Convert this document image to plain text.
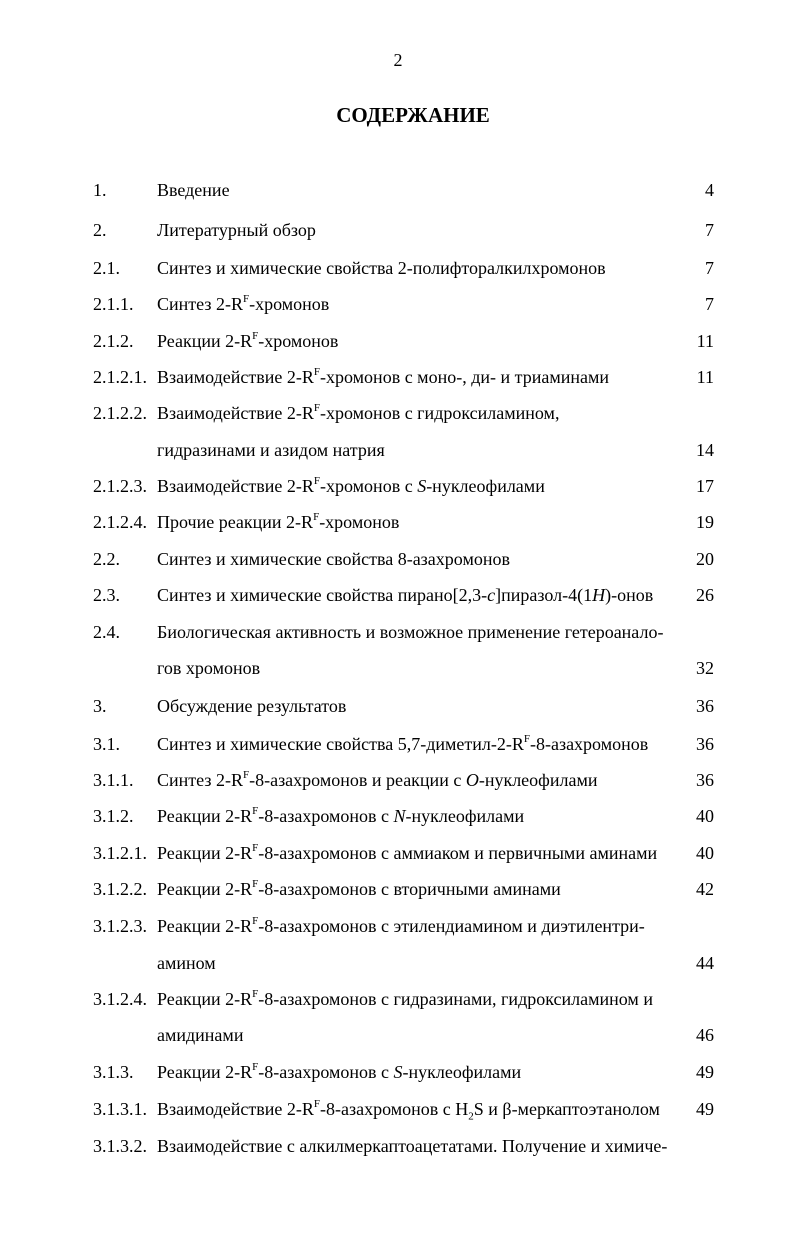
2
СОДЕРЖАНИЕ
1.	Введение	4
2.	Литературный обзор	7
2.1. Синтез и химические свойства 2-полифторалкилхромонов	7
2.1.1. Синтез $2-R^F$-хромонов	7
2.1.2. Реакции $2-R^F$-хромонов	11
2.1.2.1. Взаимодействие $2-R^F$-хромонов с моно-, ди- и триаминами	11
2.1.2.2. Взаимодействие $2-R^F$-хромонов с гидроксиламином,
гидразинами и азидом натрия	14
2.1.2.3. Взаимодействие $2-R^F$-хромонов с S-нуклеофилами	17
2.1.2.4. Прочие реакции $2-R^F$-хромонов	19
2.2. Синтез и химические свойства 8-азахромонов	20
2.3. Синтез и химические свойства пирано[2,3-c]пиразол-4(1H)-онов 26
2.4. Биологическая активность и возможное применение гетероанало-
гов хромонов	32
3.	Обсуждение результатов	36
3.1. Синтез и химические свойства $5,7-диметил-2-R^F-8$-азахромонов	36
3.1.1. Синтез $2-R^F-8$-азахромонов и реакции с O-нуклеофилами	36
3.1.2. Реакции $2-R^F-8$-азахромонов с N-нуклеофилами	40
3.1.2.1. Реакции $2-R^F-8$-азахромонов с аммиаком и первичными аминами 40
3.1.2.2. Реакции $2-R^F-8$-азахромонов с вторичными аминами	42
3.1.2.3. Реакции $2-R^F-8$-азахромонов с этилендиамином и диэтилентри-
амином	44
3.1.2.4. Реакции $2-R^F-8$-азахромонов с гидразинами, гидроксиламином и
амидинами	46
3.1.3. Реакции $2-R^F-8$-азахромонов с S-нуклеофилами	49
3.1.3.1. Взаимодействие $2-R^F-8$-азахромонов с $H_2S$ и β-меркаптоэтанолом 49
3.1.3.2. Взаимодействие с алкилмеркаптоацетатами. Получение и химиче-
